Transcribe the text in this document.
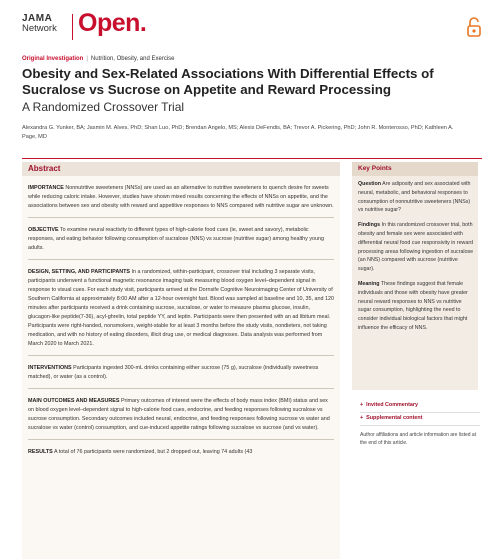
JAMA
Network Open.
Original Investigation | Nutrition, Obesity, and Exercise
Obesity and Sex-Related Associations With Differential Effects of Sucralose vs Sucrose on Appetite and Reward Processing
A Randomized Crossover Trial
Alexandra G. Yunker, BA; Jasmin M. Alves, PhD; Shan Luo, PhD; Brendan Angelo, MS; Alexis DeFendis, BA; Trevor A. Pickering, PhD; John R. Monterosso, PhD; Kathleen A. Page, MD
Abstract

IMPORTANCE Nonnutritive sweeteners (NNSs) are used as an alternative to nutritive sweeteners to quench desire for sweets while reducing caloric intake. However, studies have shown mixed results concerning the effects of NNSs on appetite, and the associations between sex and obesity with reward and appetitive responses to NNS compared with nutritive sugar are unknown.

OBJECTIVE To examine neural reactivity to different types of high-calorie food cues (ie, sweet and savory), metabolic responses, and eating behavior following consumption of sucralose (NNS) vs sucrose (nutritive sugar) among healthy young adults.

DESIGN, SETTING, AND PARTICIPANTS In a randomized, within-participant, crossover trial including 3 separate visits, participants underwent a functional magnetic resonance imaging task measuring blood oxygen level–dependent signal in response to visual cues. For each study visit, participants arrived at the Dornsife Cognitive Neuroimaging Center of University of Southern California at approximately 8:00 AM after a 12-hour overnight fast. Blood was sampled at baseline and 10, 35, and 120 minutes after participants received a drink containing sucrose, sucralose, or water to measure plasma glucose, insulin, glucagon-like peptide(7-36), acyl-ghrelin, total peptide YY, and leptin. Participants were then presented with an ad libitum meal. Participants were right-handed, nonsmokers, weight-stable for at least 3 months before the study visits, nondieters, not taking medication, and with no history of eating disorders, illicit drug use, or medical diagnoses. Data analysis was performed from March 2020 to March 2021.

INTERVENTIONS Participants ingested 300-mL drinks containing either sucrose (75 g), sucralose (individually sweetness matched), or water (as a control).

MAIN OUTCOMES AND MEASURES Primary outcomes of interest were the effects of body mass index (BMI) status and sex on blood oxygen level–dependent signal to high-calorie food cues, endocrine, and feeding responses following sucralose vs sucrose consumption. Secondary outcomes included neural, endocrine, and feeding responses following sucrose vs water and sucralose vs water (control) consumption, and cue-induced appetite ratings following sucralose vs sucrose (and vs water).

RESULTS A total of 76 participants were randomized, but 2 dropped out, leaving 74 adults (43

Key Points

Question Are adiposity and sex associated with neural, metabolic, and behavioral responses to consumption of nonnutritive sweeteners (NNSs) vs nutritive sugar?

Findings In this randomized crossover trial, both obesity and female sex were associated with differential neural food cue responsivity in reward processing areas following ingestion of sucralose (an NNS) compared with sucrose (nutritive sugar).

Meaning These findings suggest that female individuals and those with obesity have greater neural reward responses to NNS vs nutritive sugar consumption, highlighting the need to consider individual biological factors that might influence the efficacy of NNS.

+ Invited Commentary
+ Supplemental content
Author affiliations and article information are listed at the end of this article.
